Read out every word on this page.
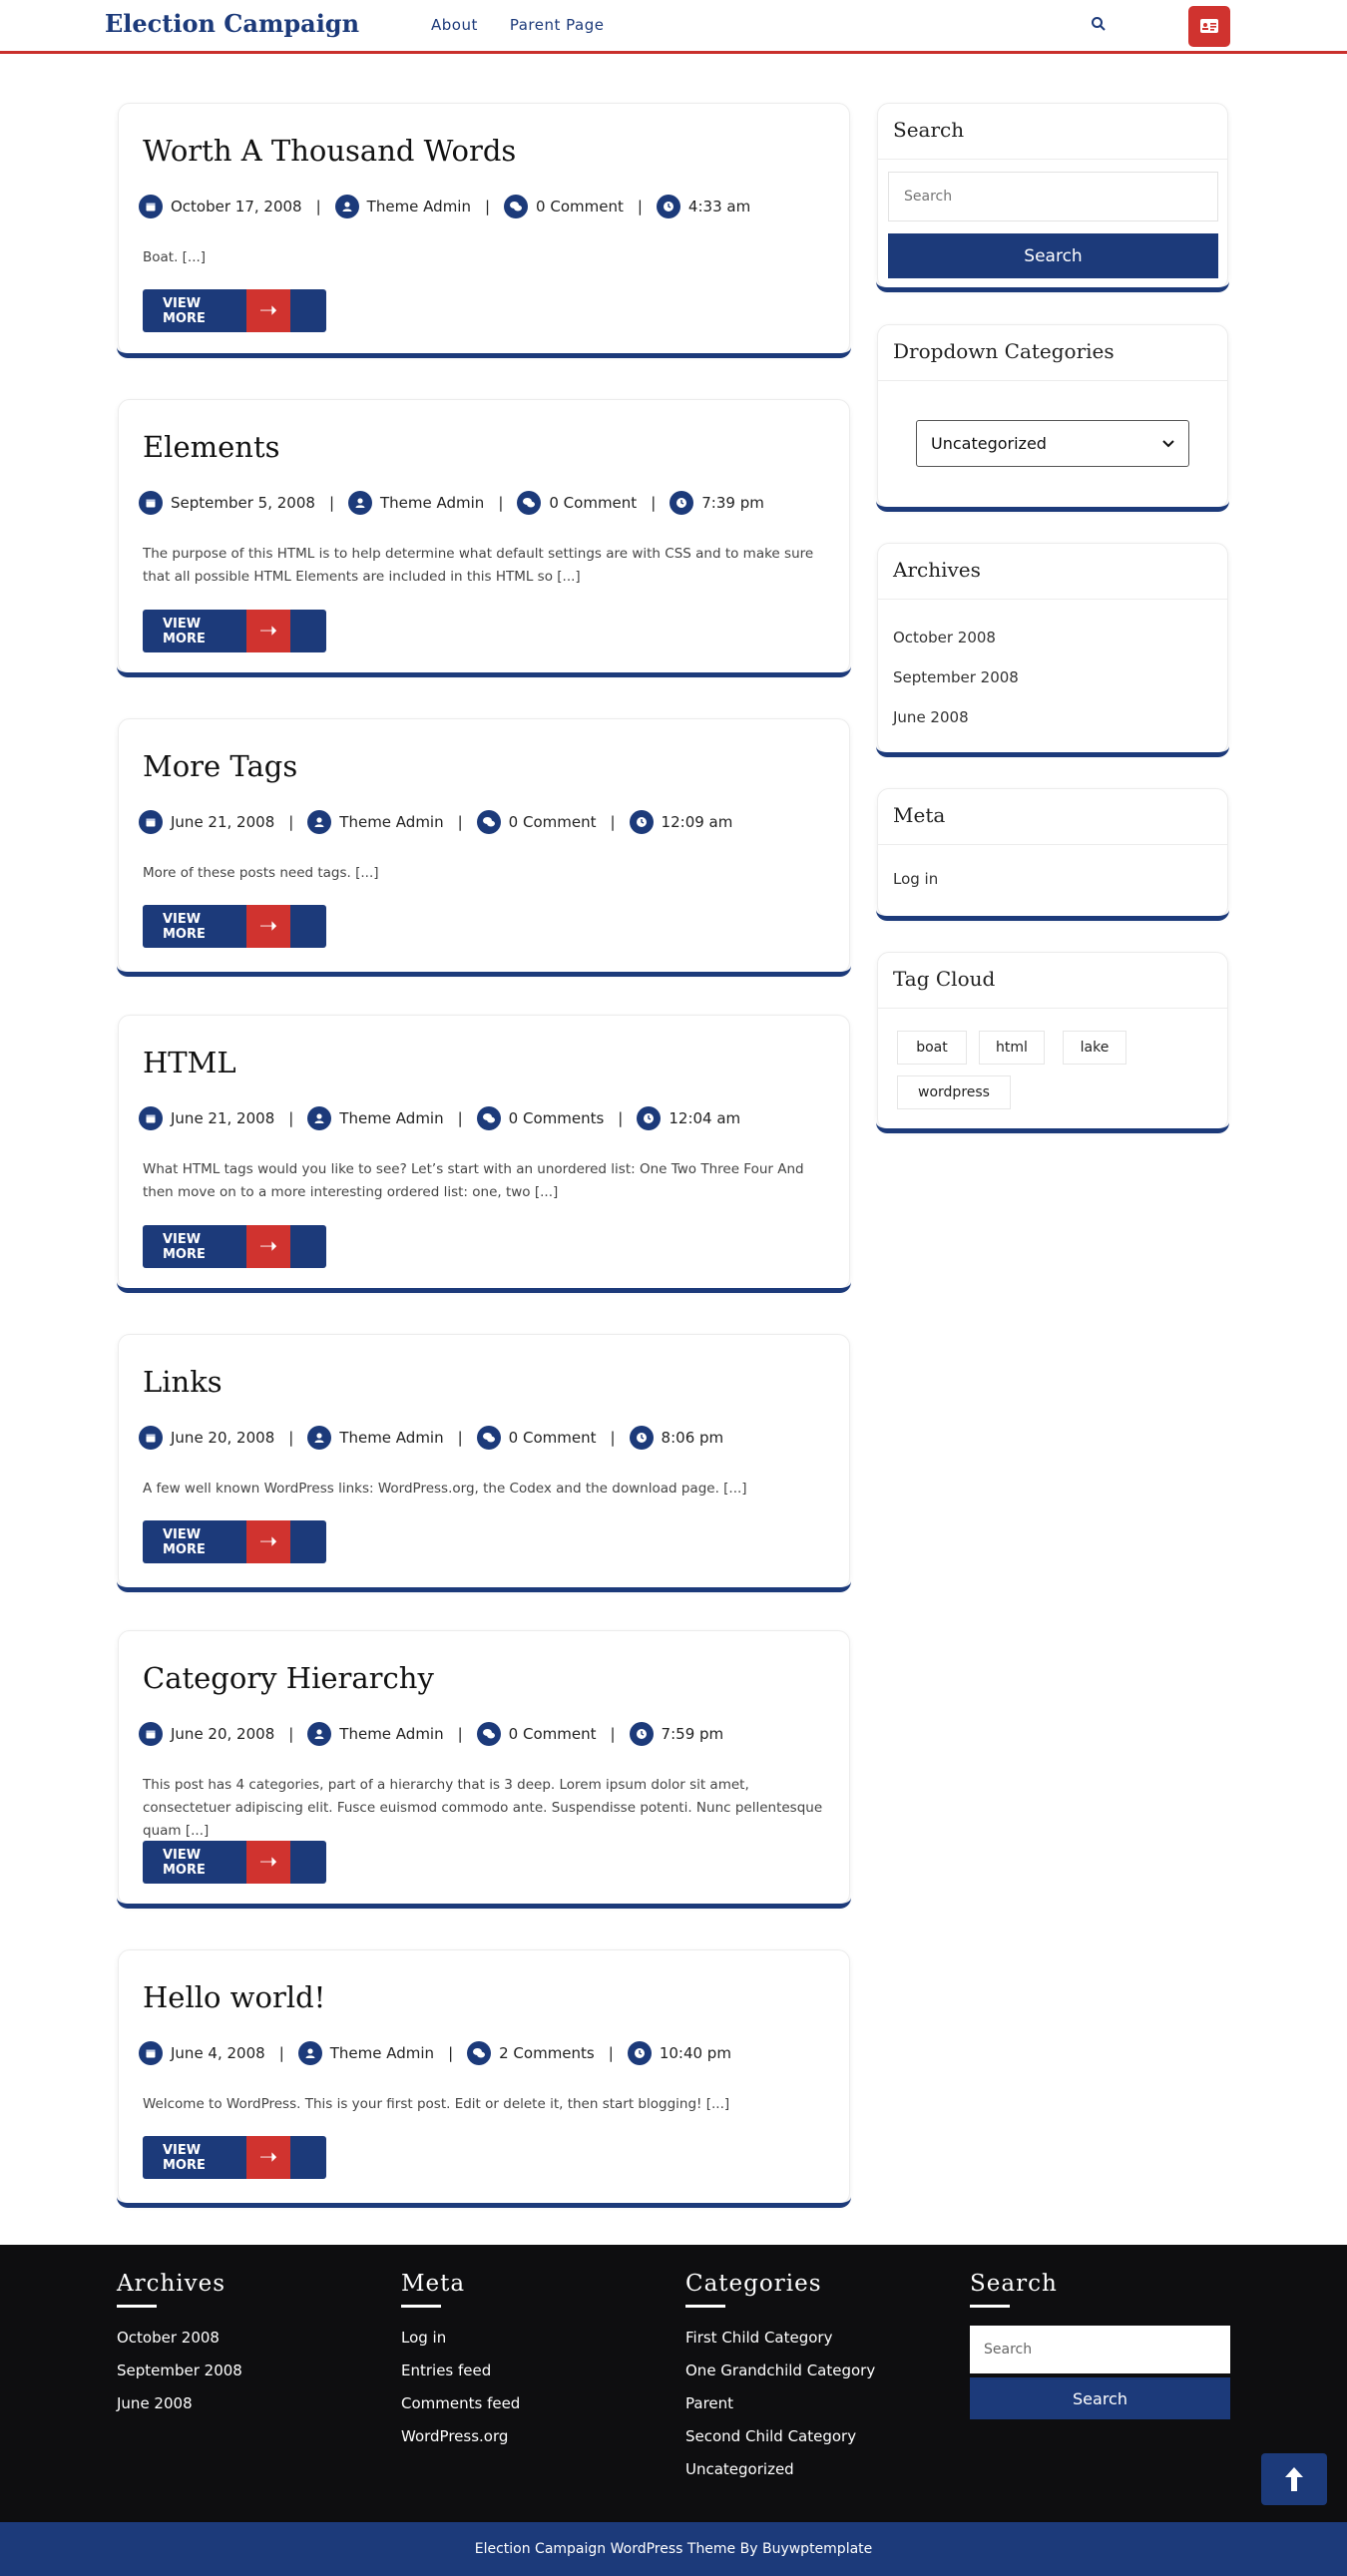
Election Campaign	About Parent Page
Worth A Thousand Words
October 17, 2008 |	Theme Admin |	0 Comment |	4:33 am
Boat. [...]
VIEW MORE	➝
Elements
September 5, 2008 |	Theme Admin |	0 Comment |	7:39 pm
The purpose of this HTML is to help determine what default settings are with CSS and to make sure that all possible HTML Elements are included in this HTML so [...]
VIEW MORE	➝
More Tags
June 21, 2008 |	Theme Admin |	0 Comment |	12:09 am
More of these posts need tags. [...]
VIEW MORE	➝
HTML
June 21, 2008 |	Theme Admin |	0 Comments |	12:04 am
What HTML tags would you like to see? Let’s start with an unordered list: One Two Three Four And then move on to a more interesting ordered list: one, two [...]
VIEW MORE	➝
Links
June 20, 2008 |	Theme Admin |	0 Comment |	8:06 pm
A few well known WordPress links: WordPress.org, the Codex and the download page. [...]
VIEW MORE	➝
Category Hierarchy
June 20, 2008 |	Theme Admin |	0 Comment |	7:59 pm
This post has 4 categories, part of a hierarchy that is 3 deep. Lorem ipsum dolor sit amet, consectetuer adipiscing elit. Fusce euismod commodo ante. Suspendisse potenti. Nunc pellentesque quam [...]
VIEW MORE	➝
Hello world!
June 4, 2008 |	Theme Admin |	2 Comments |	10:40 pm
Welcome to WordPress. This is your first post. Edit or delete it, then start blogging! [...]
VIEW MORE	➝
Search
Search
Search
Dropdown Categories
Uncategorized
Archives
October 2008
September 2008
June 2008
Meta
Log in
Tag Cloud
boat	html	lake
wordpress
Archives
October 2008
September 2008
June 2008
Meta
Log in
Entries feed
Comments feed
WordPress.org
Categories
First Child Category
One Grandchild Category
Parent
Second Child Category
Uncategorized
Search
Search
Search
Election Campaign WordPress Theme By Buywptemplate
